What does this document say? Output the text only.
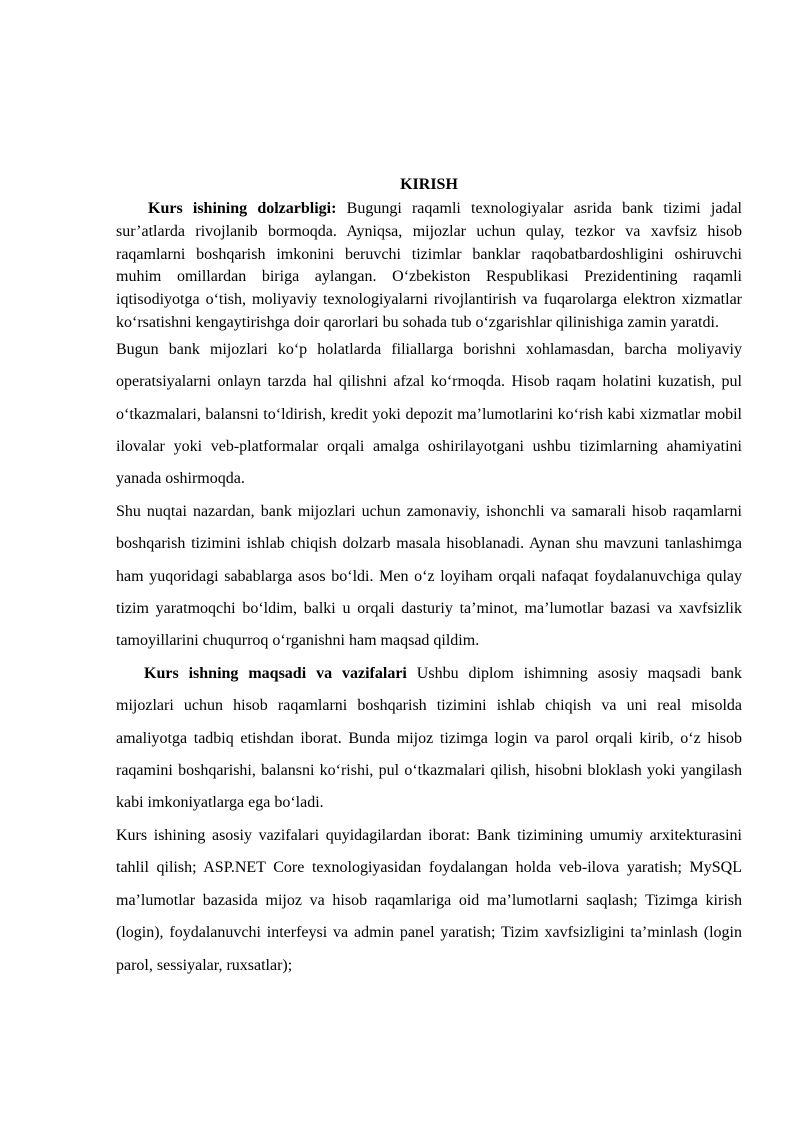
KIRISH

Kurs ishining dolzarbligi: Bugungi raqamli texnologiyalar asrida bank tizimi jadal sur’atlarda rivojlanib bormoqda. Ayniqsa, mijozlar uchun qulay, tezkor va xavfsiz hisob raqamlarni boshqarish imkonini beruvchi tizimlar banklar raqobatbardoshligini oshiruvchi muhim omillardan biriga aylangan. O‘zbekiston Respublikasi Prezidentining raqamli iqtisodiyotga o‘tish, moliyaviy texnologiyalarni rivojlantirish va fuqarolarga elektron xizmatlar ko‘rsatishni kengaytirishga doir qarorlari bu sohada tub o‘zgarishlar qilinishiga zamin yaratdi.

Bugun bank mijozlari ko‘p holatlarda filiallarga borishni xohlamasdan, barcha moliyaviy operatsiyalarni onlayn tarzda hal qilishni afzal ko‘rmoqda. Hisob raqam holatini kuzatish, pul o‘tkazmalari, balansni to‘ldirish, kredit yoki depozit ma’lumotlarini ko‘rish kabi xizmatlar mobil ilovalar yoki veb-platformalar orqali amalga oshirilayotgani ushbu tizimlarning ahamiyatini yanada oshirmoqda.

Shu nuqtai nazardan, bank mijozlari uchun zamonaviy, ishonchli va samarali hisob raqamlarni boshqarish tizimini ishlab chiqish dolzarb masala hisoblanadi. Aynan shu mavzuni tanlashimga ham yuqoridagi sabablarga asos bo‘ldi. Men o‘z loyiham orqali nafaqat foydalanuvchiga qulay tizim yaratmoqchi bo‘ldim, balki u orqali dasturiy ta’minot, ma’lumotlar bazasi va xavfsizlik tamoyillarini chuqurroq o‘rganishni ham maqsad qildim.

Kurs ishning maqsadi va vazifalari Ushbu diplom ishimning asosiy maqsadi bank mijozlari uchun hisob raqamlarni boshqarish tizimini ishlab chiqish va uni real misolda amaliyotga tadbiq etishdan iborat. Bunda mijoz tizimga login va parol orqali kirib, o‘z hisob raqamini boshqarishi, balansni ko‘rishi, pul o‘tkazmalari qilish, hisobni bloklash yoki yangilash kabi imkoniyatlarga ega bo‘ladi.

Kurs ishining asosiy vazifalari quyidagilardan iborat: Bank tizimining umumiy arxitekturasini tahlil qilish; ASP.NET Core texnologiyasidan foydalangan holda veb-ilova yaratish; MySQL ma’lumotlar bazasida mijoz va hisob raqamlariga oid ma’lumotlarni saqlash; Tizimga kirish (login), foydalanuvchi interfeysi va admin panel yaratish; Tizim xavfsizligini ta’minlash (login parol, sessiyalar, ruxsatlar);
